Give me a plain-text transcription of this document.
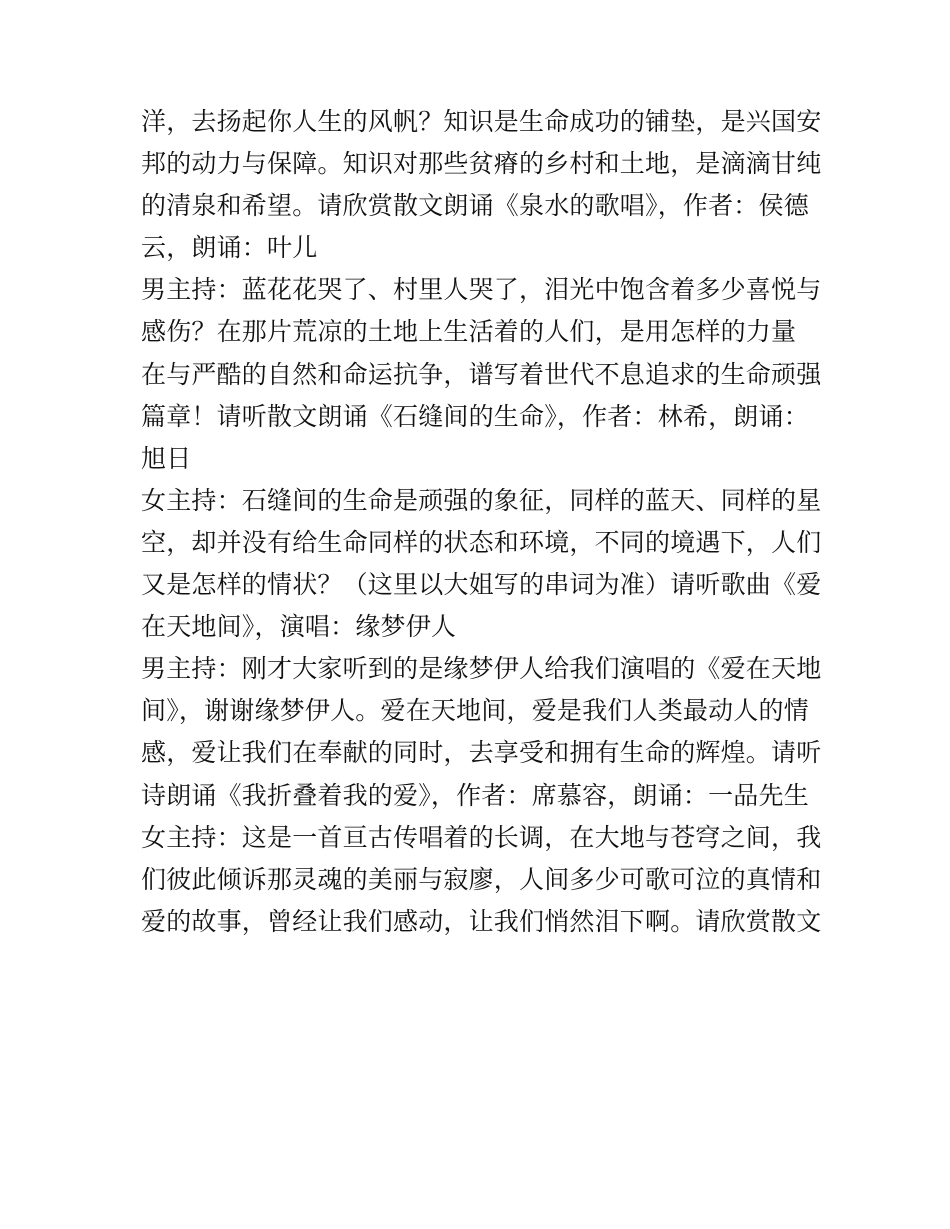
洋，去扬起你人生的风帆？知识是生命成功的铺垫，是兴国安
邦的动力与保障。知识对那些贫瘠的乡村和土地，是滴滴甘纯
的清泉和希望。请欣赏散文朗诵《泉水的歌唱》，作者：侯德
云，朗诵：叶儿
男主持：蓝花花哭了、村里人哭了，泪光中饱含着多少喜悦与
感伤？在那片荒凉的土地上生活着的人们，是用怎样的力量
在与严酷的自然和命运抗争，谱写着世代不息追求的生命顽强
篇章！请听散文朗诵《石缝间的生命》，作者：林希，朗诵：
旭日
女主持：石缝间的生命是顽强的象征，同样的蓝天、同样的星
空，却并没有给生命同样的状态和环境，不同的境遇下，人们
又是怎样的情状？（这里以大姐写的串词为准）请听歌曲《爱
在天地间》，演唱：缘梦伊人
男主持：刚才大家听到的是缘梦伊人给我们演唱的《爱在天地
间》，谢谢缘梦伊人。爱在天地间，爱是我们人类最动人的情
感，爱让我们在奉献的同时，去享受和拥有生命的辉煌。请听
诗朗诵《我折叠着我的爱》，作者：席慕容，朗诵：一品先生
女主持：这是一首亘古传唱着的长调，在大地与苍穹之间，我
们彼此倾诉那灵魂的美丽与寂廖，人间多少可歌可泣的真情和
爱的故事，曾经让我们感动，让我们悄然泪下啊。请欣赏散文
